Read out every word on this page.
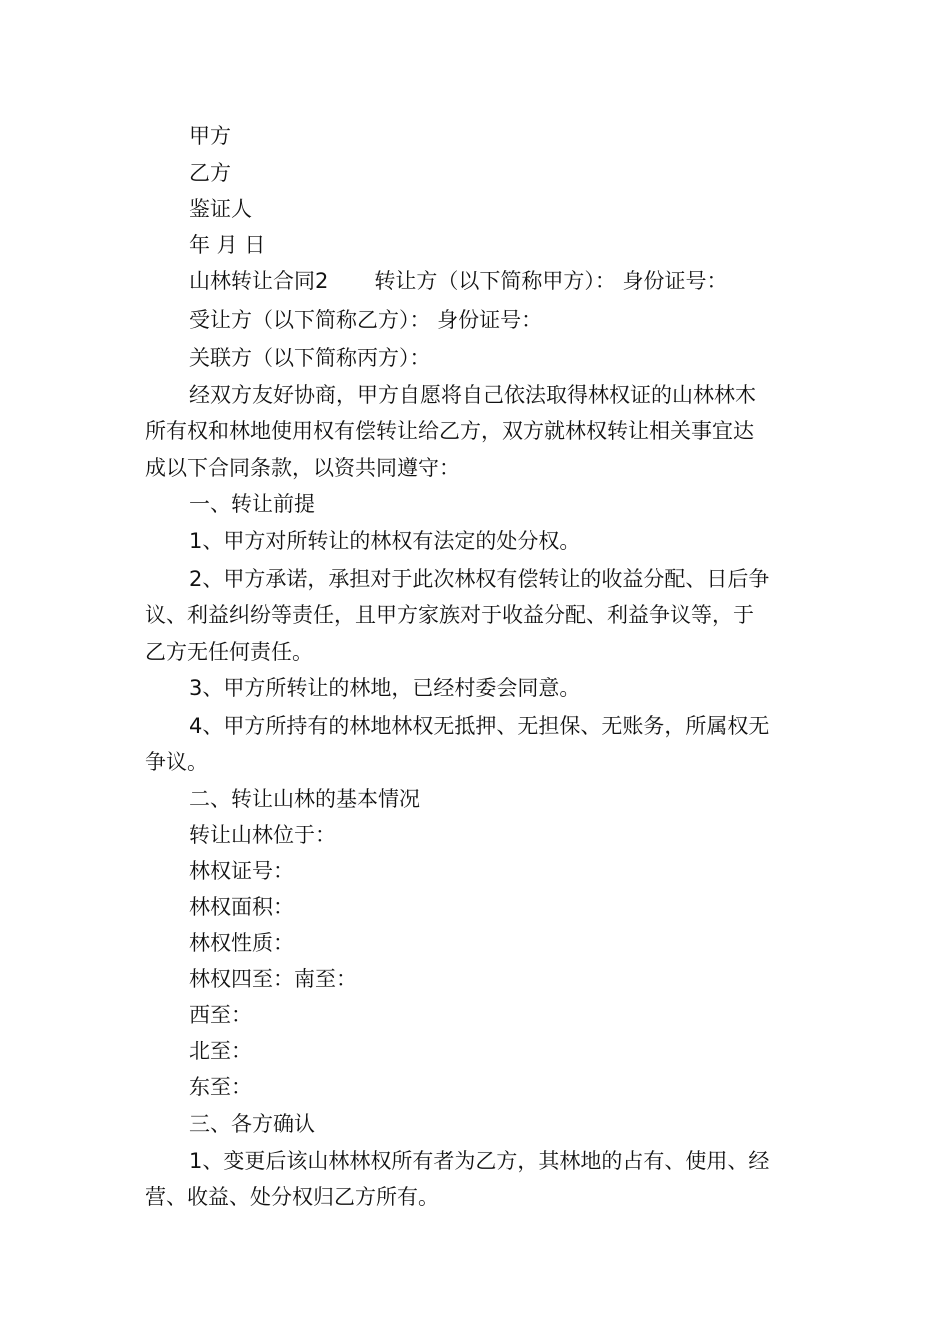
甲方
乙方
鉴证人
年 月 日
山林转让合同2 转让方（以下简称甲方）： 身份证号：
受让方（以下简称乙方）： 身份证号：
关联方（以下简称丙方）：
经双方友好协商，甲方自愿将自己依法取得林权证的山林林木
所有权和林地使用权有偿转让给乙方，双方就林权转让相关事宜达
成以下合同条款，以资共同遵守：
一、转让前提
1、甲方对所转让的林权有法定的处分权。
2、甲方承诺，承担对于此次林权有偿转让的收益分配、日后争
议、利益纠纷等责任，且甲方家族对于收益分配、利益争议等，于
乙方无任何责任。
3、甲方所转让的林地，已经村委会同意。
4、甲方所持有的林地林权无抵押、无担保、无账务，所属权无
争议。
二、转让山林的基本情况
转让山林位于：
林权证号：
林权面积：
林权性质：
林权四至：南至：
西至：
北至：
东至：
三、各方确认
1、变更后该山林林权所有者为乙方，其林地的占有、使用、经
营、收益、处分权归乙方所有。
